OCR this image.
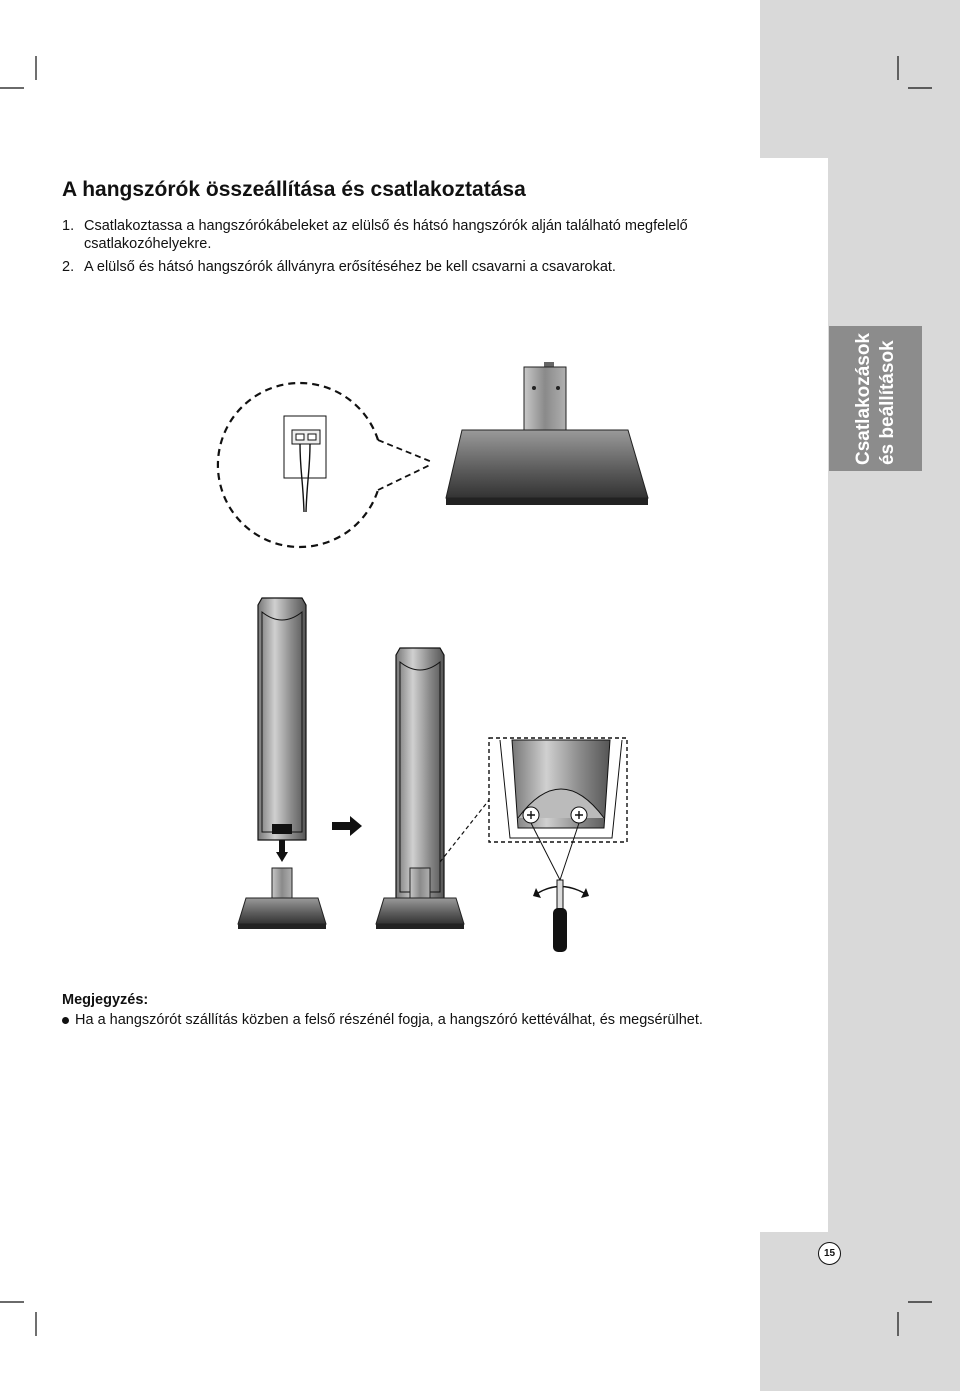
Csatlakozások és beállítások
A hangszórók összeállítása és csatlakoztatása
1. Csatlakoztassa a hangszórókábeleket az elülső és hátsó hangszórók alján található megfelelő
csatlakozóhelyekre.
2. A elülső és hátsó hangszórók állványra erősítéséhez be kell csavarni a csavarokat.
Megjegyzés:
Ha a hangszórót szállítás közben a felső részénél fogja, a hangszóró kettéválhat, és megsérülhet.
15
